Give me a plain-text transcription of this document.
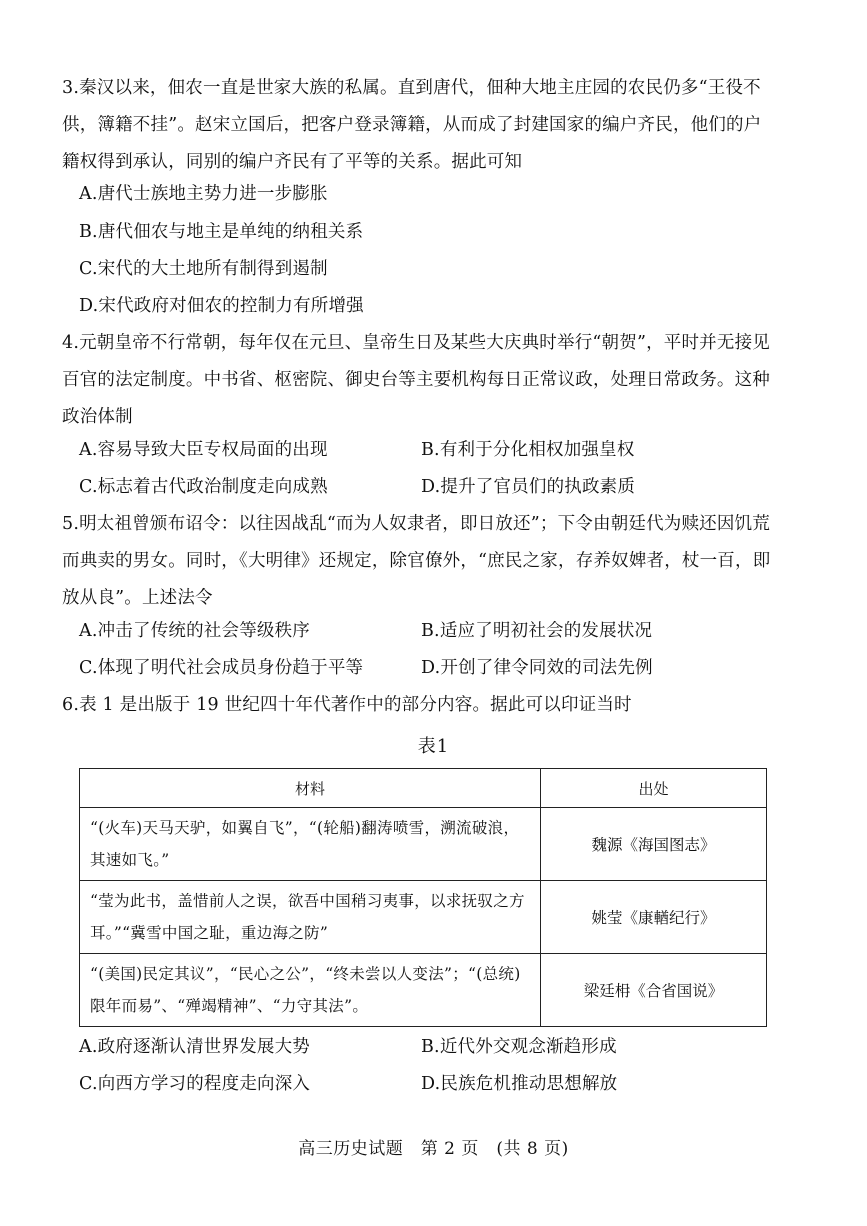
3.秦汉以来，佃农一直是世家大族的私属。直到唐代，佃种大地主庄园的农民仍多“王役不供，簿籍不挂”。赵宋立国后，把客户登录簿籍，从而成了封建国家的编户齐民，他们的户籍权得到承认，同别的编户齐民有了平等的关系。据此可知
A.唐代士族地主势力进一步膨胀
B.唐代佃农与地主是单纯的纳租关系
C.宋代的大土地所有制得到遏制
D.宋代政府对佃农的控制力有所增强
4.元朝皇帝不行常朝，每年仅在元旦、皇帝生日及某些大庆典时举行“朝贺”，平时并无接见百官的法定制度。中书省、枢密院、御史台等主要机构每日正常议政，处理日常政务。这种政治体制
A.容易导致大臣专权局面的出现	B.有利于分化相权加强皇权
C.标志着古代政治制度走向成熟	D.提升了官员们的执政素质
5.明太祖曾颁布诏令：以往因战乱“而为人奴隶者，即日放还”；下令由朝廷代为赎还因饥荒而典卖的男女。同时，《大明律》还规定，除官僚外，“庶民之家，存养奴婢者，杖一百，即放从良”。上述法令
A.冲击了传统的社会等级秩序	B.适应了明初社会的发展状况
C.体现了明代社会成员身份趋于平等	D.开创了律令同效的司法先例
6.表 1 是出版于 19 世纪四十年代著作中的部分内容。据此可以印证当时
表1
材料	出处
“(火车)天马天驴，如翼自飞”，“(轮船)翻涛喷雪，溯流破浪，其速如飞。”	魏源《海国图志》
“莹为此书，盖惜前人之误，欲吾中国稍习夷事，以求抚驭之方耳。”“冀雪中国之耻，重边海之防”	姚莹《康輶纪行》
“(美国)民定其议”，“民心之公”，“终未尝以人变法”；“(总统)限年而易”、“殚竭精神”、“力守其法”。	梁廷枏《合省国说》
A.政府逐渐认清世界发展大势	B.近代外交观念渐趋形成
C.向西方学习的程度走向深入	D.民族危机推动思想解放
高三历史试题　第 2 页　(共 8 页)
